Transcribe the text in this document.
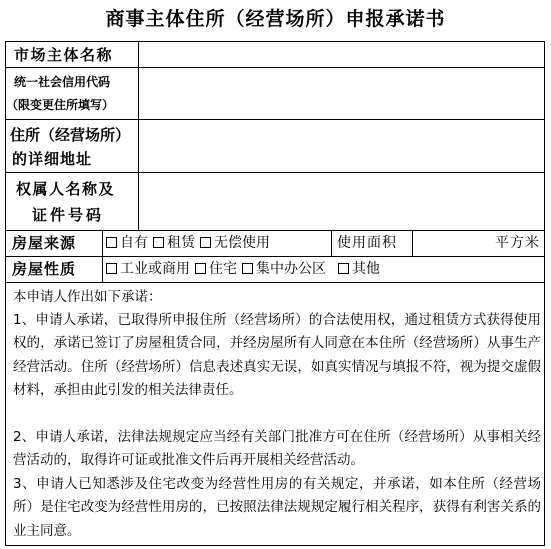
商事主体住所（经营场所）申报承诺书
市场主体名称
统一社会信用代码
（限变更住所填写）
住所（经营场所）
的详细地址
权属人名称及
证件号码
房屋来源	自有 租赁 无偿使用	使用面积	平方米
房屋性质	工业或商用 住宅 集中办公区 其他
本申请人作出如下承诺：
1、申请人承诺，已取得所申报住所（经营场所）的合法使用权，通过租赁方式获得使用权的，承诺已签订了房屋租赁合同，并经房屋所有人同意在本住所（经营场所）从事生产经营活动。住所（经营场所）信息表述真实无误，如真实情况与填报不符，视为提交虚假材料，承担由此引发的相关法律责任。
2、申请人承诺，法律法规规定应当经有关部门批准方可在住所（经营场所）从事相关经营活动的，取得许可证或批准文件后再开展相关经营活动。
3、申请人已知悉涉及住宅改变为经营性用房的有关规定，并承诺，如本住所（经营场所）是住宅改变为经营性用房的，已按照法律法规规定履行相关程序，获得有利害关系的业主同意。
